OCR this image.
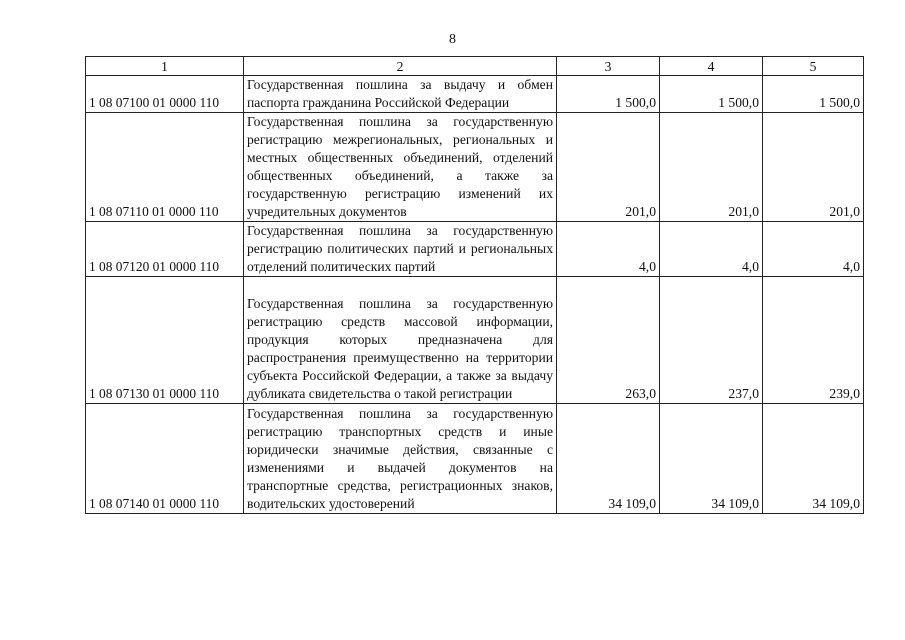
8
1	2	3	4	5
1 08 07100 01 0000 110	Государственная пошлина за выдачу и обмен паспорта гражданина Российской Федерации	1 500,0	1 500,0	1 500,0
1 08 07110 01 0000 110	Государственная пошлина за государственную регистрацию межрегиональных, региональных и местных общественных объединений, отделений общественных объединений, а также за государственную регистрацию изменений их учредительных документов	201,0	201,0	201,0
1 08 07120 01 0000 110	Государственная пошлина за государственную регистрацию политических партий и региональных отделений политических партий	4,0	4,0	4,0
1 08 07130 01 0000 110	Государственная пошлина за государственную регистрацию средств массовой информации, продукция которых предназначена для распространения преимущественно на территории субъекта Российской Федерации, а также за выдачу дубликата свидетельства о такой регистрации	263,0	237,0	239,0
1 08 07140 01 0000 110	Государственная пошлина за государственную регистрацию транспортных средств и иные юридически значимые действия, связанные с изменениями и выдачей документов на транспортные средства, регистрационных знаков, водительских удостоверений	34 109,0	34 109,0	34 109,0
